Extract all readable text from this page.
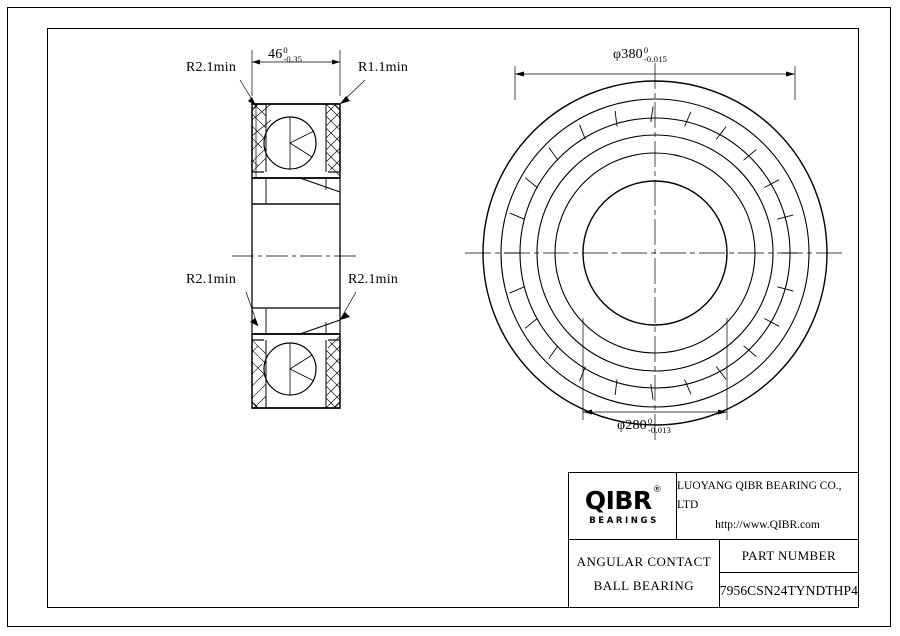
46 0
-0.35	φ380 0
-0.015
φ280 0
-0.013
R2.1min	R1.1min
R2.1min	R2.1min
QIBR®
BEARINGS
LUOYANG QIBR BEARING CO., LTD
http://www.QIBR.com
ANGULAR CONTACT
BALL BEARING
PART NUMBER
7956CSN24TYNDTHP4
